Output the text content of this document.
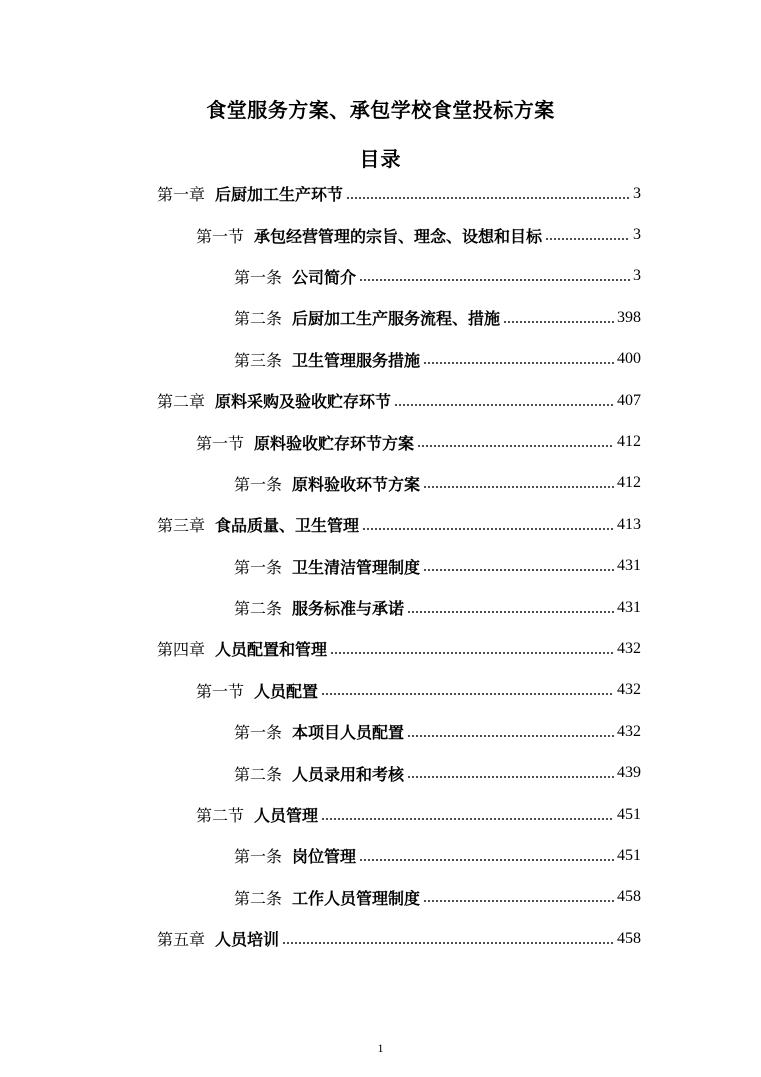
食堂服务方案、承包学校食堂投标方案
目录
第一章 后厨加工生产环节	3
第一节 承包经营管理的宗旨、理念、设想和目标	3
第一条 公司简介	3
第二条 后厨加工生产服务流程、措施	398
第三条 卫生管理服务措施	400
第二章 原料采购及验收贮存环节	407
第一节 原料验收贮存环节方案	412
第一条 原料验收环节方案	412
第三章 食品质量、卫生管理	413
第一条 卫生清洁管理制度	431
第二条 服务标准与承诺	431
第四章 人员配置和管理	432
第一节 人员配置	432
第一条 本项目人员配置	432
第二条 人员录用和考核	439
第二节 人员管理	451
第一条 岗位管理	451
第二条 工作人员管理制度	458
第五章 人员培训	458
1
